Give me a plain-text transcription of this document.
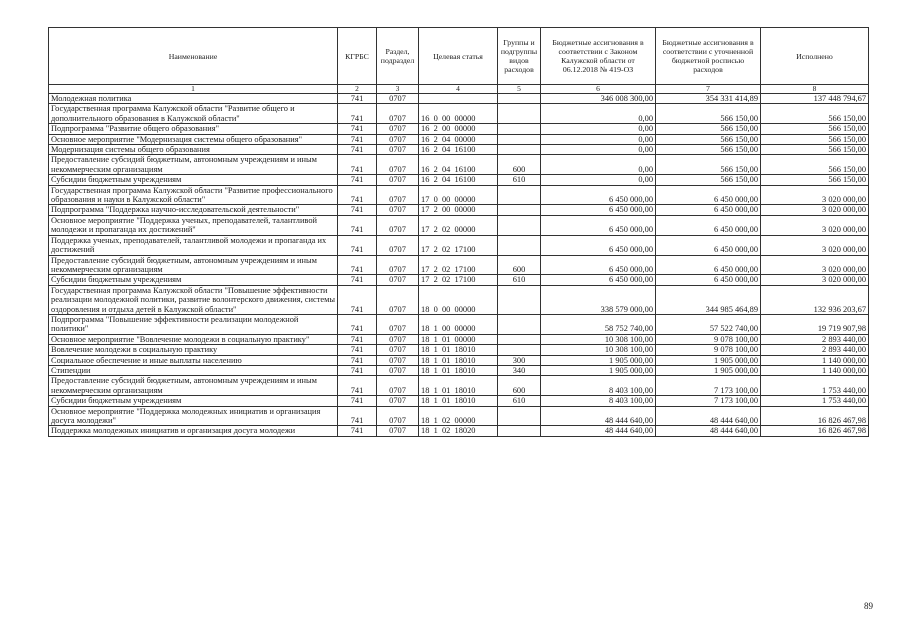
Наименование	КГРБС	Раздел, подраздел	Целевая статья	Группы и подгруппы видов расходов	Бюджетные ассигнования в соответствии с Законом Калужской области от 06.12.2018 № 419-ОЗ	Бюджетные ассигнования в соответствии с уточненной бюджетной росписью расходов	Исполнено
1	2	3	4	5	6	7	8
Молодежная политика	741	0707			346 008 300,00	354 331 414,89	137 448 794,67
Государственная программа Калужской области "Развитие общего и дополнительного образования в Калужской области"	741	0707	16  0  00  00000		0,00	566 150,00	566 150,00
Подпрограмма "Развитие общего образования"	741	0707	16  2  00  00000		0,00	566 150,00	566 150,00
Основное мероприятие "Модернизация системы общего образования"	741	0707	16  2  04  00000		0,00	566 150,00	566 150,00
Модернизация системы общего образования	741	0707	16  2  04  16100		0,00	566 150,00	566 150,00
Предоставление субсидий бюджетным, автономным учреждениям и иным некоммерческим организациям	741	0707	16  2  04  16100	600	0,00	566 150,00	566 150,00
Субсидии бюджетным учреждениям	741	0707	16  2  04  16100	610	0,00	566 150,00	566 150,00
Государственная программа Калужской области "Развитие профессионального образования и науки в Калужской области"	741	0707	17  0  00  00000		6 450 000,00	6 450 000,00	3 020 000,00
Подпрограмма "Поддержка научно-исследовательской деятельности"	741	0707	17  2  00  00000		6 450 000,00	6 450 000,00	3 020 000,00
Основное мероприятие "Поддержка ученых, преподавателей, талантливой молодежи и пропаганда их достижений"	741	0707	17  2  02  00000		6 450 000,00	6 450 000,00	3 020 000,00
Поддержка ученых, преподавателей, талантливой молодежи и пропаганда их достижений	741	0707	17  2  02  17100		6 450 000,00	6 450 000,00	3 020 000,00
Предоставление субсидий бюджетным, автономным учреждениям и иным некоммерческим организациям	741	0707	17  2  02  17100	600	6 450 000,00	6 450 000,00	3 020 000,00
Субсидии бюджетным учреждениям	741	0707	17  2  02  17100	610	6 450 000,00	6 450 000,00	3 020 000,00
Государственная программа Калужской области "Повышение эффективности реализации молодежной политики, развитие волонтерского движения, системы оздоровления и отдыха детей в Калужской области"	741	0707	18  0  00  00000		338 579 000,00	344 985 464,89	132 936 203,67
Подпрограмма "Повышение эффективности реализации молодежной политики"	741	0707	18  1  00  00000		58 752 740,00	57 522 740,00	19 719 907,98
Основное мероприятие "Вовлечение молодежи в социальную практику"	741	0707	18  1  01  00000		10 308 100,00	9 078 100,00	2 893 440,00
Вовлечение молодежи в социальную практику	741	0707	18  1  01  18010		10 308 100,00	9 078 100,00	2 893 440,00
Социальное обеспечение и иные выплаты населению	741	0707	18  1  01  18010	300	1 905 000,00	1 905 000,00	1 140 000,00
Стипендии	741	0707	18  1  01  18010	340	1 905 000,00	1 905 000,00	1 140 000,00
Предоставление субсидий бюджетным, автономным учреждениям и иным некоммерческим организациям	741	0707	18  1  01  18010	600	8 403 100,00	7 173 100,00	1 753 440,00
Субсидии бюджетным учреждениям	741	0707	18  1  01  18010	610	8 403 100,00	7 173 100,00	1 753 440,00
Основное мероприятие "Поддержка молодежных инициатив и организация досуга молодежи"	741	0707	18  1  02  00000		48 444 640,00	48 444 640,00	16 826 467,98
Поддержка молодежных инициатив и организация досуга молодежи	741	0707	18  1  02  18020		48 444 640,00	48 444 640,00	16 826 467,98
89
